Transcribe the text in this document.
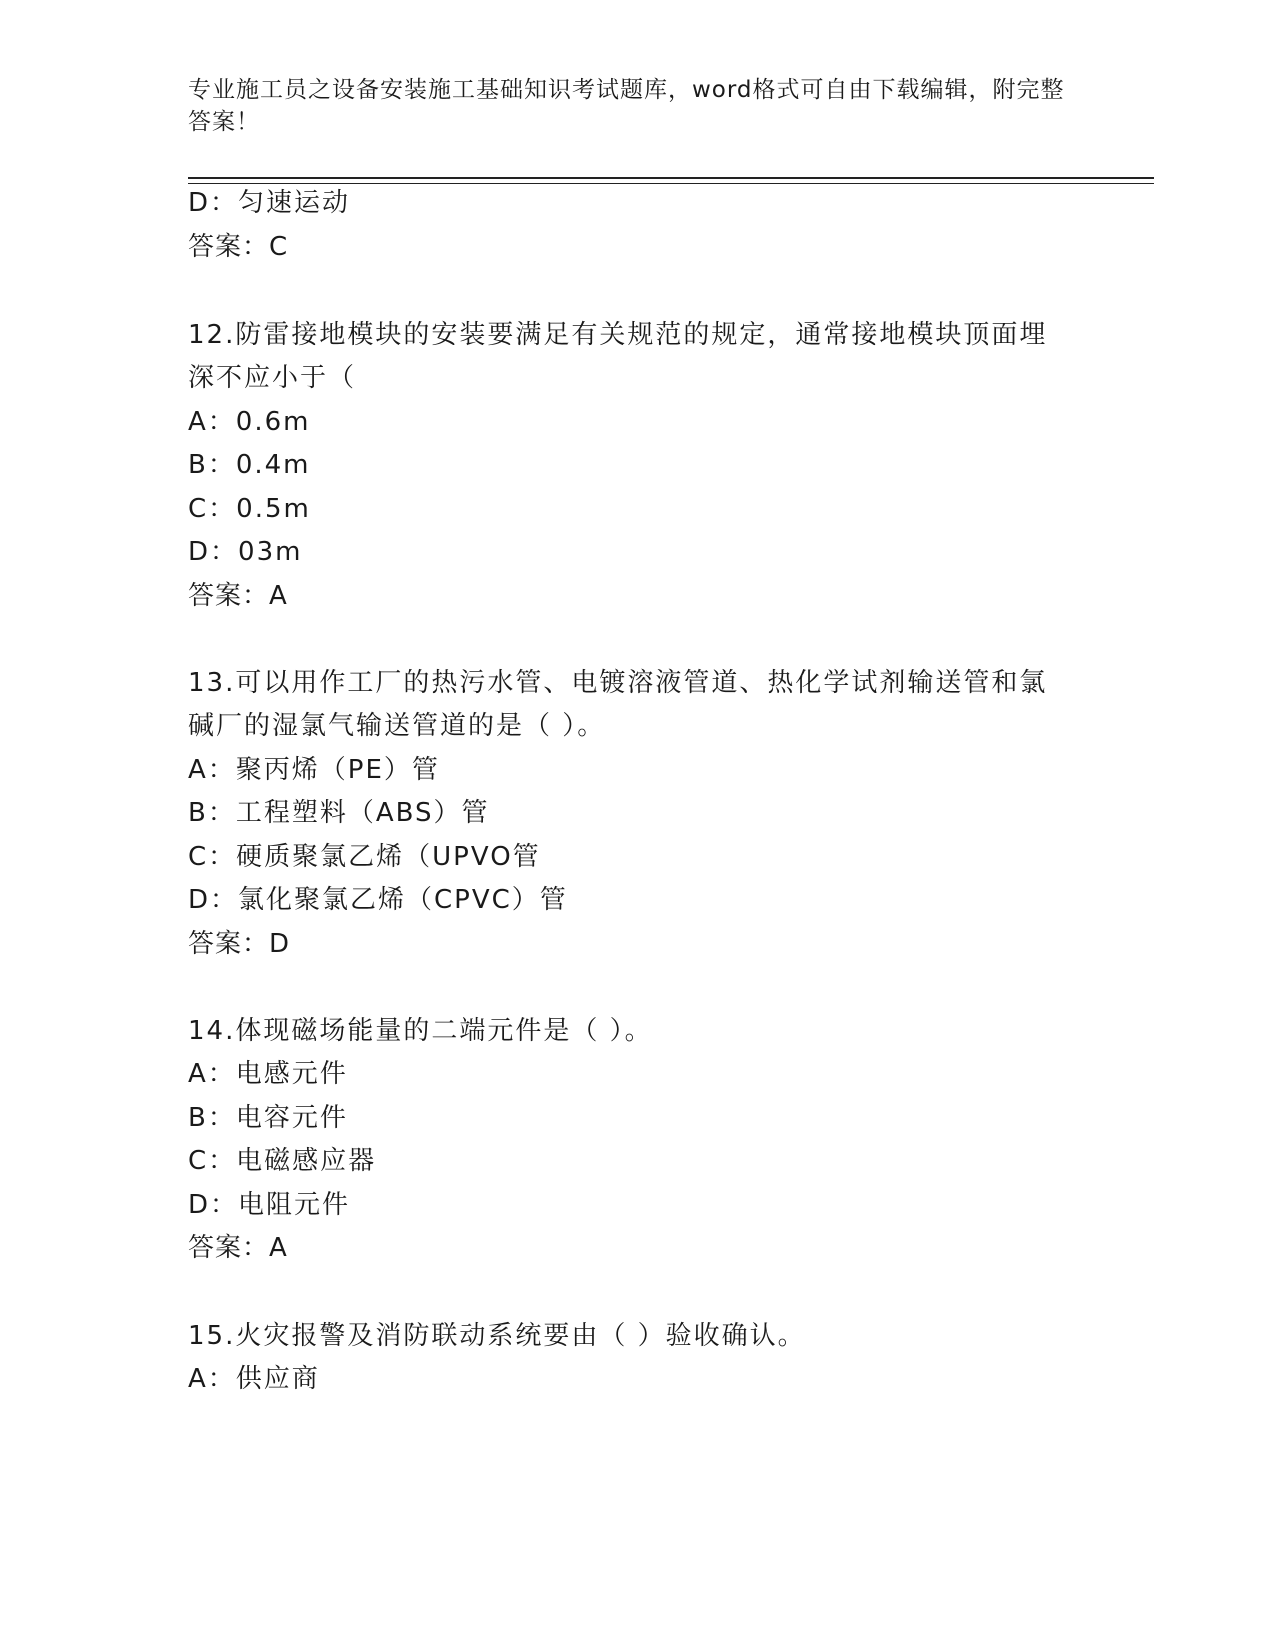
专业施工员之设备安装施工基础知识考试题库，word格式可自由下载编辑，附完整答案！
D：匀速运动
答案：C
12.防雷接地模块的安装要满足有关规范的规定，通常接地模块顶面埋
深不应小于（
A：0.6m
B：0.4m
C：0.5m
D：03m
答案：A
13.可以用作工厂的热污水管、电镀溶液管道、热化学试剂输送管和氯
碱厂的湿氯气输送管道的是（ ）。
A：聚丙烯（PE）管
B：工程塑料（ABS）管
C：硬质聚氯乙烯（UPVO管
D：氯化聚氯乙烯（CPVC）管
答案：D
14.体现磁场能量的二端元件是（ ）。
A：电感元件
B：电容元件
C：电磁感应器
D：电阻元件
答案：A
15.火灾报警及消防联动系统要由（ ）验收确认。
A：供应商
